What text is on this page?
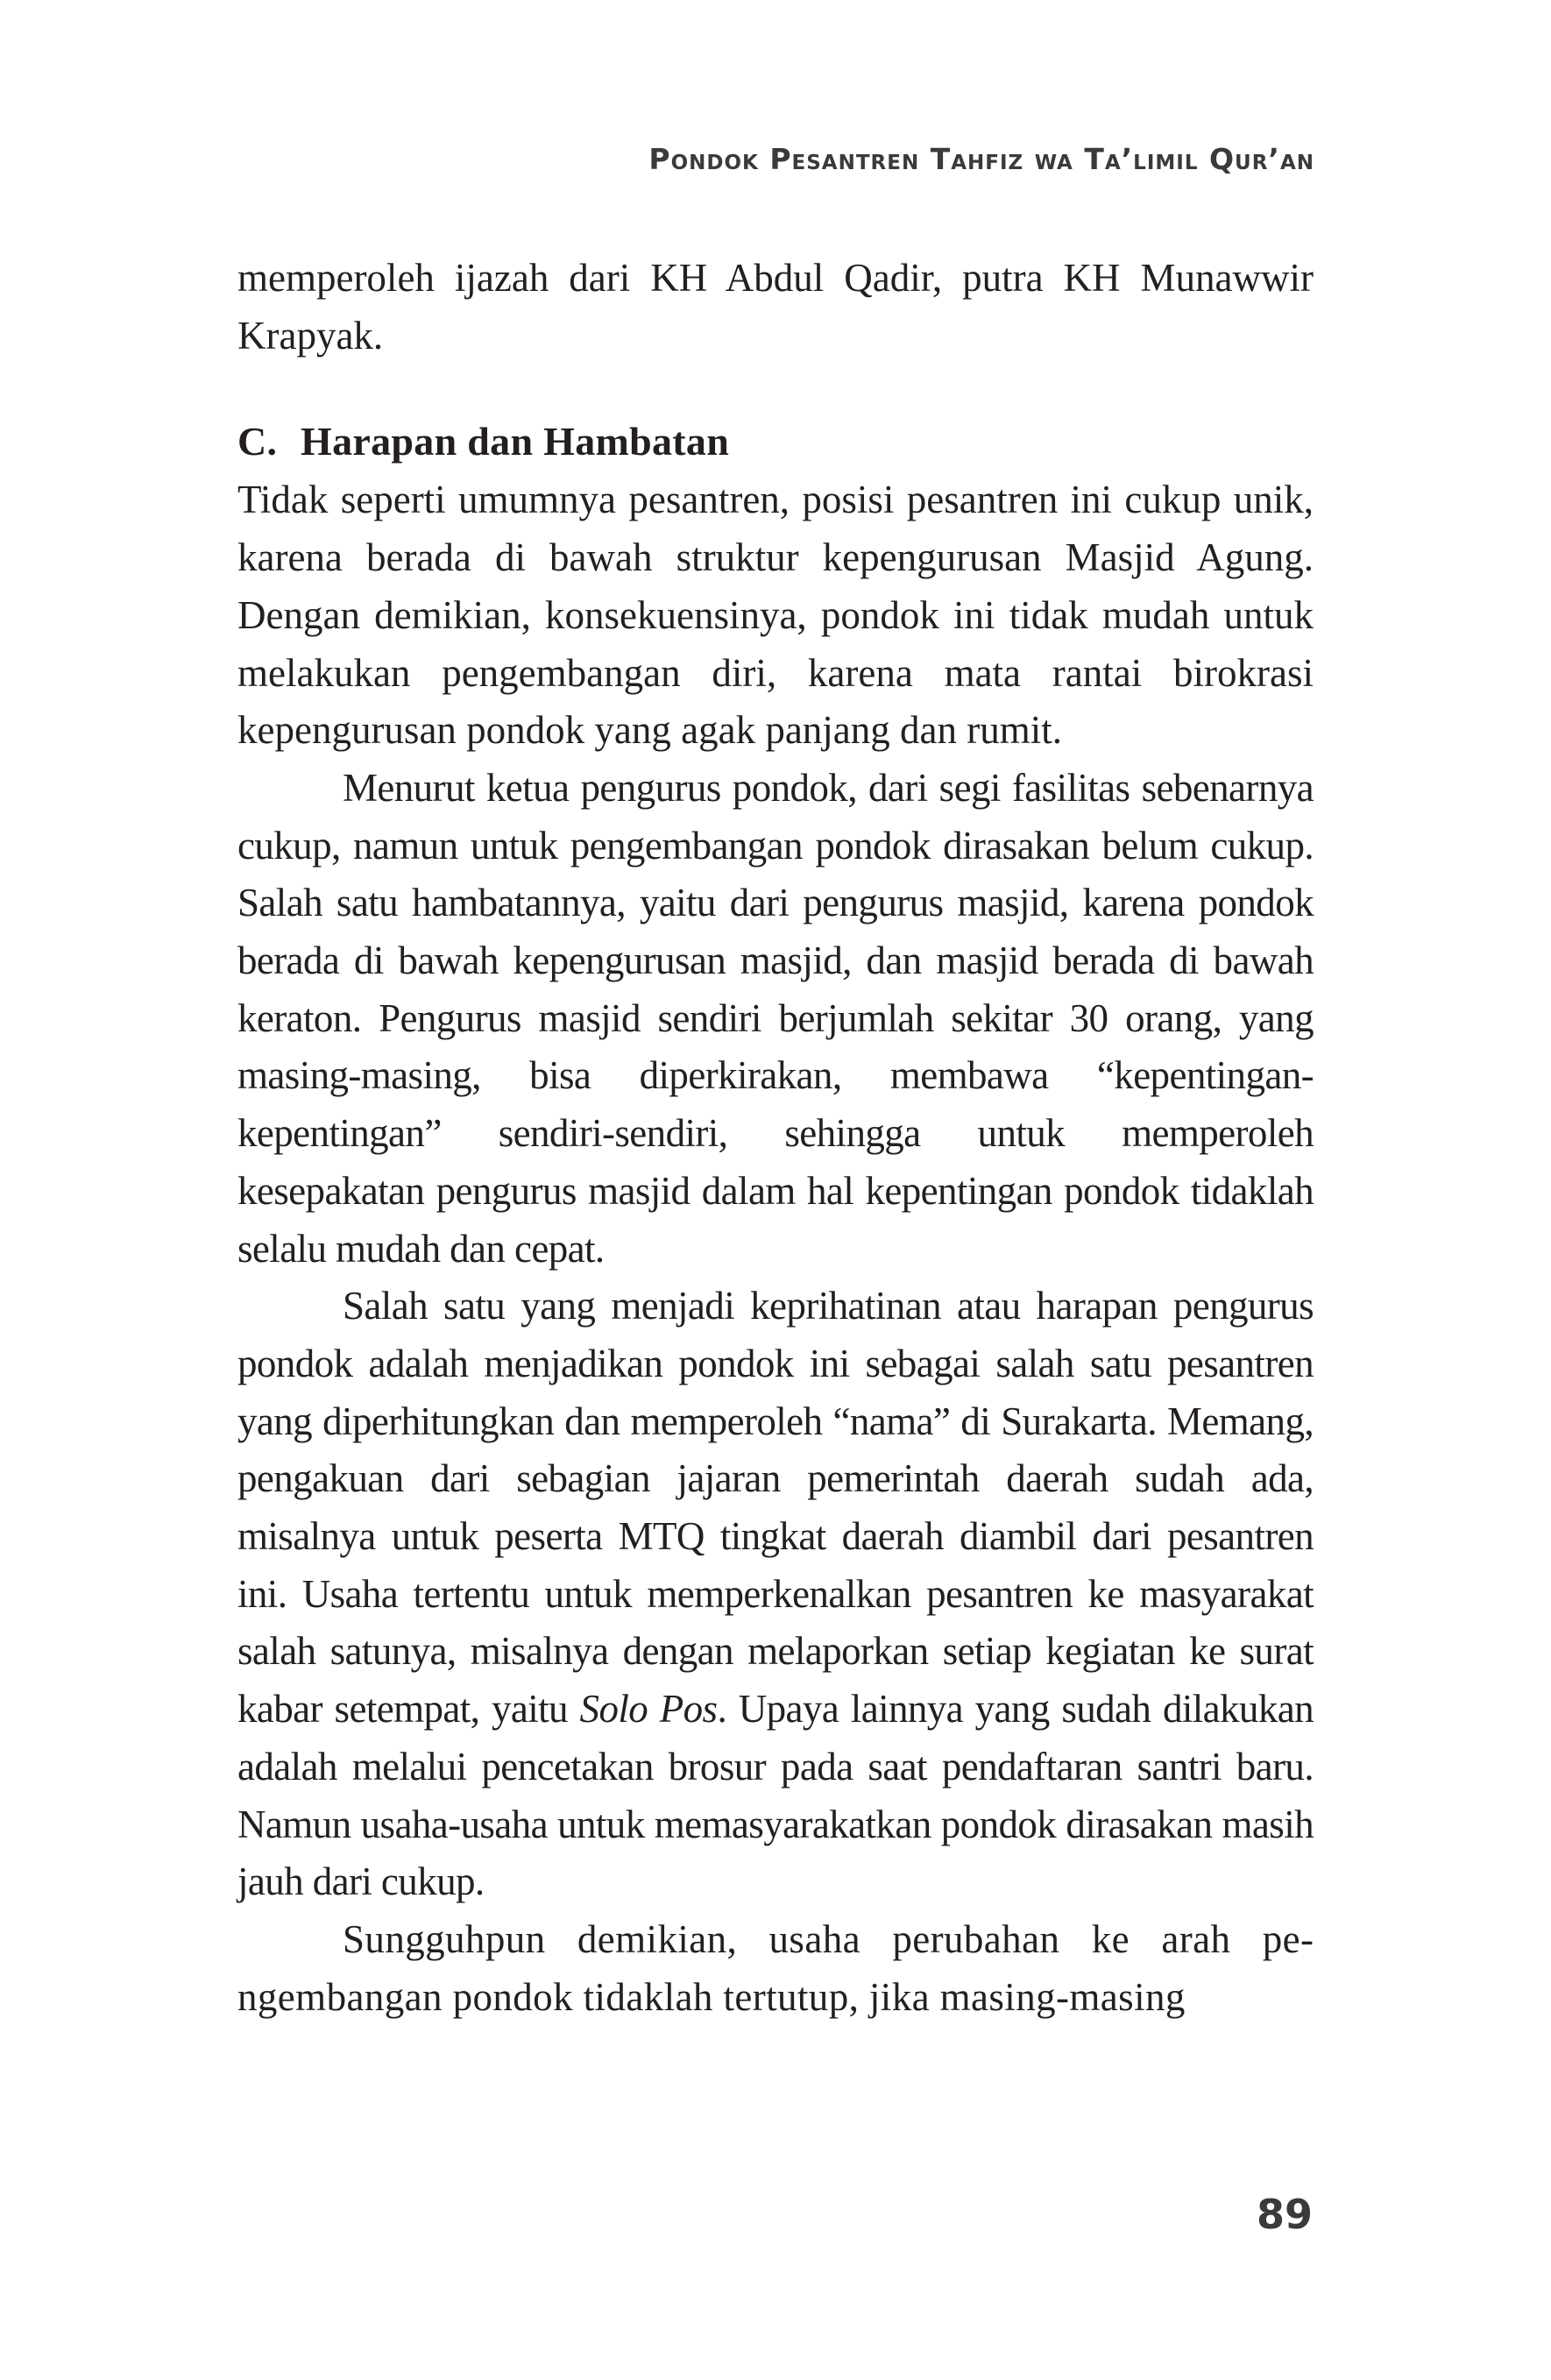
Pondok Pesantren Tahfiz wa Ta’limil Qur’an

memperoleh ijazah dari KH Abdul Qadir, putra KH Munawwir Krapyak.

C. Harapan dan Hambatan

Tidak seperti umumnya pesantren, posisi pesantren ini cukup unik, karena berada di bawah struktur kepengurusan Masjid Agung. Dengan demikian, konsekuensinya, pondok ini tidak mudah untuk melakukan pengembangan diri, karena mata rantai birokrasi kepengurusan pondok yang agak panjang dan rumit.

Menurut ketua pengurus pondok, dari segi fasilitas sebenarnya cukup, namun untuk pengembangan pondok dirasakan belum cukup. Salah satu hambatannya, yaitu dari pengurus masjid, karena pondok berada di bawah kepengurusan masjid, dan masjid berada di bawah keraton. Pengurus masjid sendiri berjumlah sekitar 30 orang, yang masing-masing, bisa diperkirakan, membawa “kepentingan-kepentingan” sendiri-sendiri, sehingga untuk memperoleh kesepakatan pengurus masjid dalam hal kepentingan pondok tidaklah selalu mudah dan cepat.

Salah satu yang menjadi keprihatinan atau harapan pengurus pondok adalah menjadikan pondok ini sebagai salah satu pesantren yang diperhitungkan dan memperoleh “nama” di Surakarta. Memang, pengakuan dari sebagian jajaran pemerintah daerah sudah ada, misalnya untuk peserta MTQ tingkat daerah diambil dari pesantren ini. Usaha tertentu untuk memperkenalkan pesantren ke masyarakat salah satunya, misalnya dengan melaporkan setiap kegiatan ke surat kabar setempat, yaitu Solo Pos. Upaya lainnya yang sudah dilakukan adalah melalui pencetakan brosur pada saat pendaftaran santri baru. Namun usaha-usaha untuk memasyarakatkan pondok dirasakan masih jauh dari cukup.

Sungguhpun demikian, usaha perubahan ke arah pengembangan pondok tidaklah tertutup, jika masing-masing

89
